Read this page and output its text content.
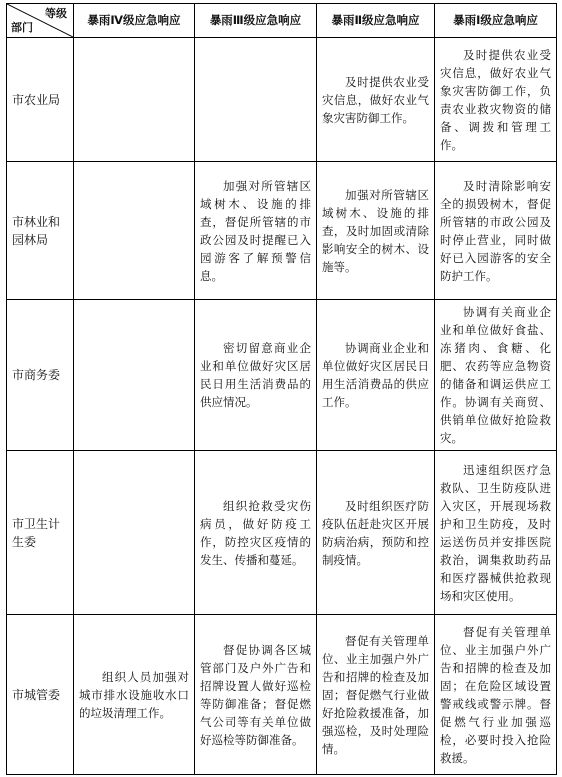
等级
部门	暴雨Ⅳ级应急响应	暴雨Ⅲ级应急响应	暴雨Ⅱ级应急响应	暴雨Ⅰ级应急响应
市农业局			及时提供农业受灾信息，做好农业气象灾害防御工作。	及时提供农业受灾信息，做好农业气象灾害防御工作，负责农业救灾物资的储备、调拨和管理工作。
市林业和园林局		加强对所管辖区域树木、设施的排查，督促所管辖的市政公园及时提醒已入园游客了解预警信息。	加强对所管辖区域树木、设施的排查，及时加固或清除影响安全的树木、设施等。	及时清除影响安全的损毁树木，督促所管辖的市政公园及时停止营业，同时做好已入园游客的安全防护工作。
市商务委		密切留意商业企业和单位做好灾区居民日用生活消费品的供应情况。	协调商业企业和单位做好灾区居民日用生活消费品的供应工作。	协调有关商业企业和单位做好食盐、冻猪肉、食糖、化肥、农药等应急物资的储备和调运供应工作。协调有关商贸、供销单位做好抢险救灾。
市卫生计生委		组织抢救受灾伤病员，做好防疫工作，防控灾区疫情的发生、传播和蔓延。	及时组织医疗防疫队伍赶赴灾区开展防病治病，预防和控制疫情。	迅速组织医疗急救队、卫生防疫队进入灾区，开展现场救护和卫生防疫，及时运送伤员并安排医院救治，调集救助药品和医疗器械供抢救现场和灾区使用。
市城管委	组织人员加强对城市排水设施收水口的垃圾清理工作。	督促协调各区城管部门及户外广告和招牌设置人做好巡检等防御准备；督促燃气公司等有关单位做好巡检等防御准备。	督促有关管理单位、业主加强户外广告和招牌的检查及加固；督促燃气行业做好抢险救援准备，加强巡检，及时处理险情。	督促有关管理单位、业主加强户外广告和招牌的检查及加固；在危险区域设置警戒线或警示牌。督促燃气行业加强巡检，必要时投入抢险救援。
